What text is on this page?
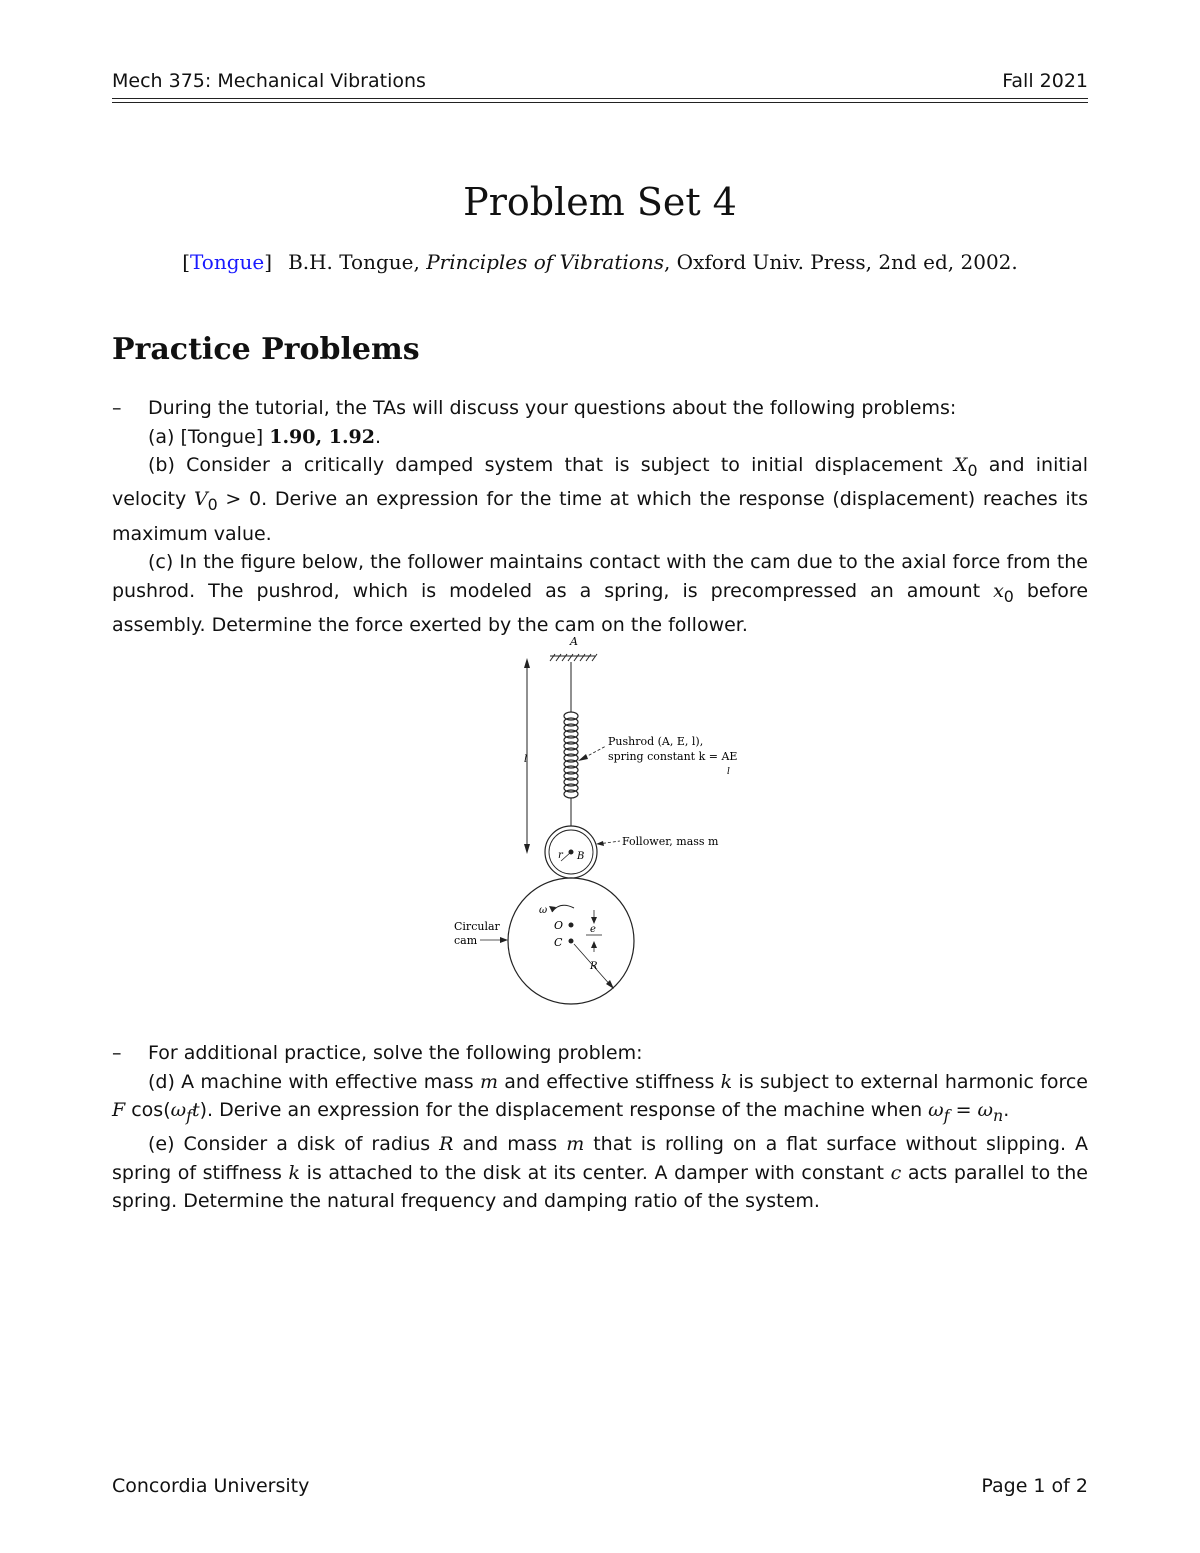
Mech 375: Mechanical Vibrations	Fall 2021
Problem Set 4
[Tongue] B.H. Tongue, Principles of Vibrations, Oxford Univ. Press, 2nd ed, 2002.
Practice Problems

– During the tutorial, the TAs will discuss your questions about the following problems:

(a) [Tongue] 1.90, 1.92.

(b) Consider a critically damped system that is subject to initial displacement $X_0$ and initial velocity $V_0 > 0$. Derive an expression for the time at which the response (displacement) reaches its maximum value.

(c) In the figure below, the follower maintains contact with the cam due to the axial force from the pushrod. The pushrod, which is modeled as a spring, is precompressed an amount $x_0$ before assembly. Determine the force exerted by the cam on the follower.

A
l
Pushrod (A, E, l),
spring constant k = AE
l
r B
Follower, mass m
ω
O
C
e
R
Circular
cam

– For additional practice, solve the following problem:

(d) A machine with effective mass m and effective stiffness k is subject to external harmonic force F $\cos(\omega_ft)$. Derive an expression for the displacement response of the machine when $\omega_f = \omega_n$.

(e) Consider a disk of radius R and mass m that is rolling on a flat surface without slipping. A spring of stiffness k is attached to the disk at its center. A damper with constant c acts parallel to the spring. Determine the natural frequency and damping ratio of the system.

Concordia University	Page 1 of 2
